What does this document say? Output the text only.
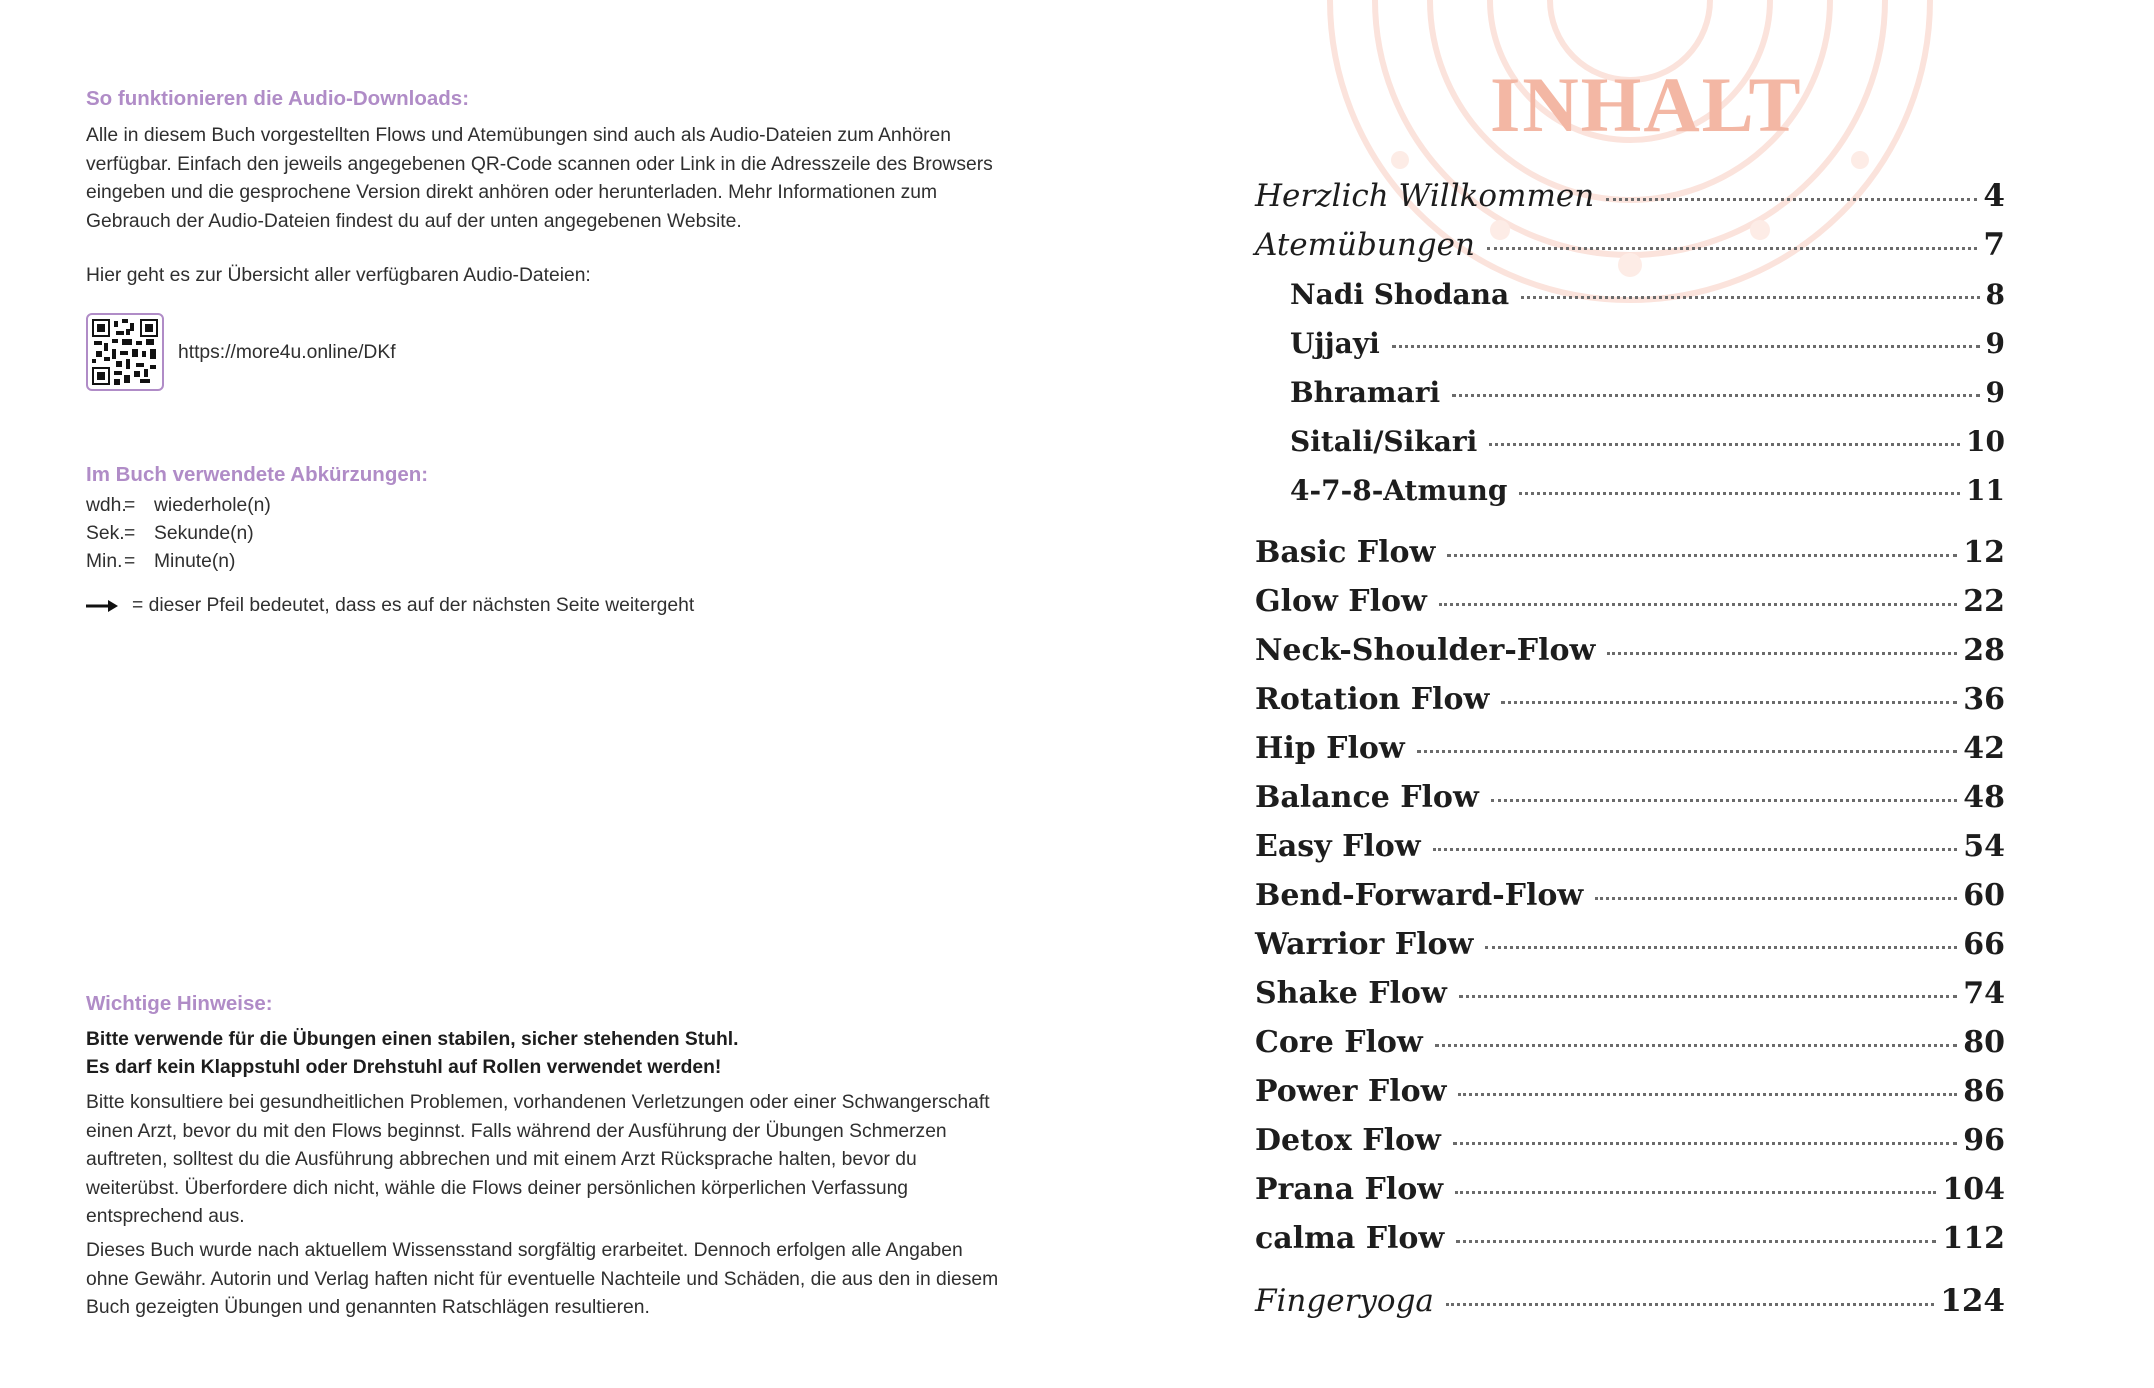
So funktionieren die Audio-Downloads:
Alle in diesem Buch vorgestellten Flows und Atemübungen sind auch als Audio-Dateien zum Anhören verfügbar. Einfach den jeweils angegebenen QR-Code scannen oder Link in die Adresszeile des Browsers eingeben und die gesprochene Version direkt anhören oder herunterladen. Mehr Informationen zum Gebrauch der Audio-Dateien findest du auf der unten angegebenen Website.
Hier geht es zur Übersicht aller verfügbaren Audio-Dateien:
https://more4u.online/DKf
Im Buch verwendete Abkürzungen:
wdh.= wiederhole(n)
Sek.= Sekunde(n)
Min.= Minute(n)
= dieser Pfeil bedeutet, dass es auf der nächsten Seite weitergeht
Wichtige Hinweise:
Bitte verwende für die Übungen einen stabilen, sicher stehenden Stuhl.
Es darf kein Klappstuhl oder Drehstuhl auf Rollen verwendet werden!
Bitte konsultiere bei gesundheitlichen Problemen, vorhandenen Verletzungen oder einer Schwangerschaft einen Arzt, bevor du mit den Flows beginnst. Falls während der Ausführung der Übungen Schmerzen auftreten, solltest du die Ausführung abbrechen und mit einem Arzt Rücksprache halten, bevor du weiterübst. Überfordere dich nicht, wähle die Flows deiner persönlichen körperlichen Verfassung entsprechend aus.
Dieses Buch wurde nach aktuellem Wissensstand sorgfältig erarbeitet. Dennoch erfolgen alle Angaben ohne Gewähr. Autorin und Verlag haften nicht für eventuelle Nachteile und Schäden, die aus den in diesem Buch gezeigten Übungen und genannten Ratschlägen resultieren.
INHALT
Herzlich Willkommen	4
Atemübungen	7
Nadi Shodana	8
Ujjayi	9
Bhramari	9
Sitali/Sikari	10
4-7-8-Atmung	11
Basic Flow	12
Glow Flow	22
Neck-Shoulder-Flow	28
Rotation Flow	36
Hip Flow	42
Balance Flow	48
Easy Flow	54
Bend-Forward-Flow	60
Warrior Flow	66
Shake Flow	74
Core Flow	80
Power Flow	86
Detox Flow	96
Prana Flow	104
calma Flow	112
Fingeryoga	124
